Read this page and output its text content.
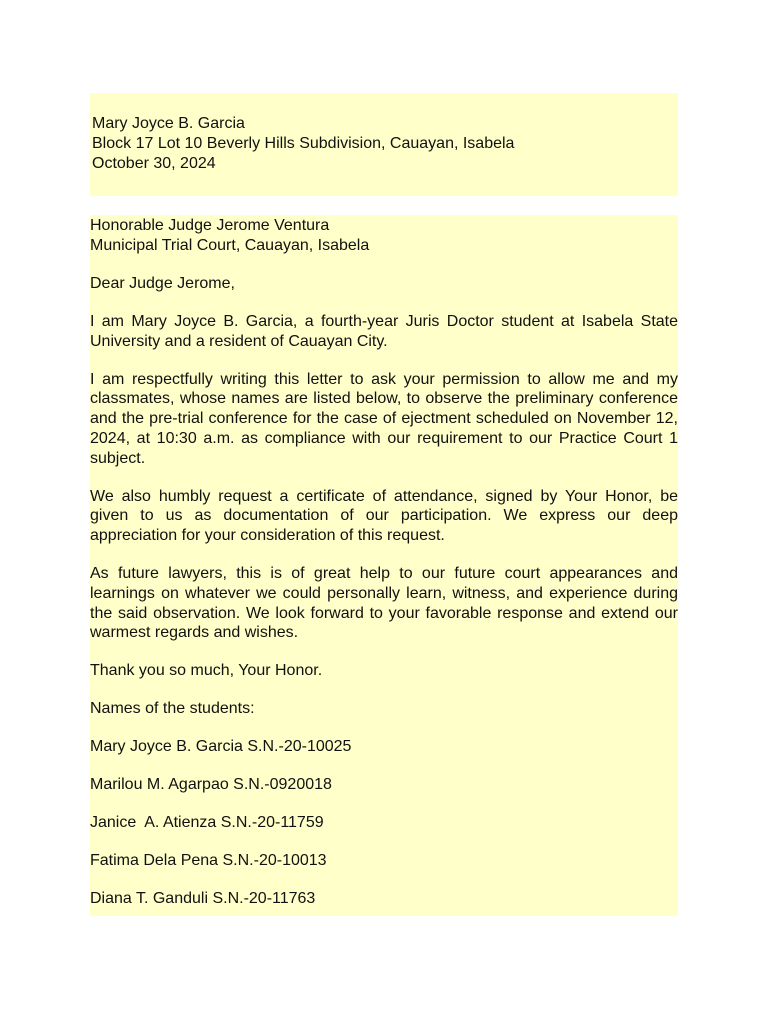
Mary Joyce B. Garcia
Block 17 Lot 10 Beverly Hills Subdivision, Cauayan, Isabela
October 30, 2024
Honorable Judge Jerome Ventura
Municipal Trial Court, Cauayan, Isabela
Dear Judge Jerome,

I am Mary Joyce B. Garcia, a fourth-year Juris Doctor student at Isabela State University and a resident of Cauayan City.

I am respectfully writing this letter to ask your permission to allow me and my classmates, whose names are listed below, to observe the preliminary conference and the pre-trial conference for the case of ejectment scheduled on November 12, 2024, at 10:30 a.m. as compliance with our requirement to our Practice Court 1 subject.

We also humbly request a certificate of attendance, signed by Your Honor, be given to us as documentation of our participation. We express our deep appreciation for your consideration of this request.

As future lawyers, this is of great help to our future court appearances and learnings on whatever we could personally learn, witness, and experience during the said observation. We look forward to your favorable response and extend our warmest regards and wishes.

Thank you so much, Your Honor.
Names of the students:
Mary Joyce B. Garcia S.N.-20-10025
Marilou M. Agarpao S.N.-0920018
Janice  A. Atienza S.N.-20-11759
Fatima Dela Pena S.N.-20-10013
Diana T. Ganduli S.N.-20-11763
